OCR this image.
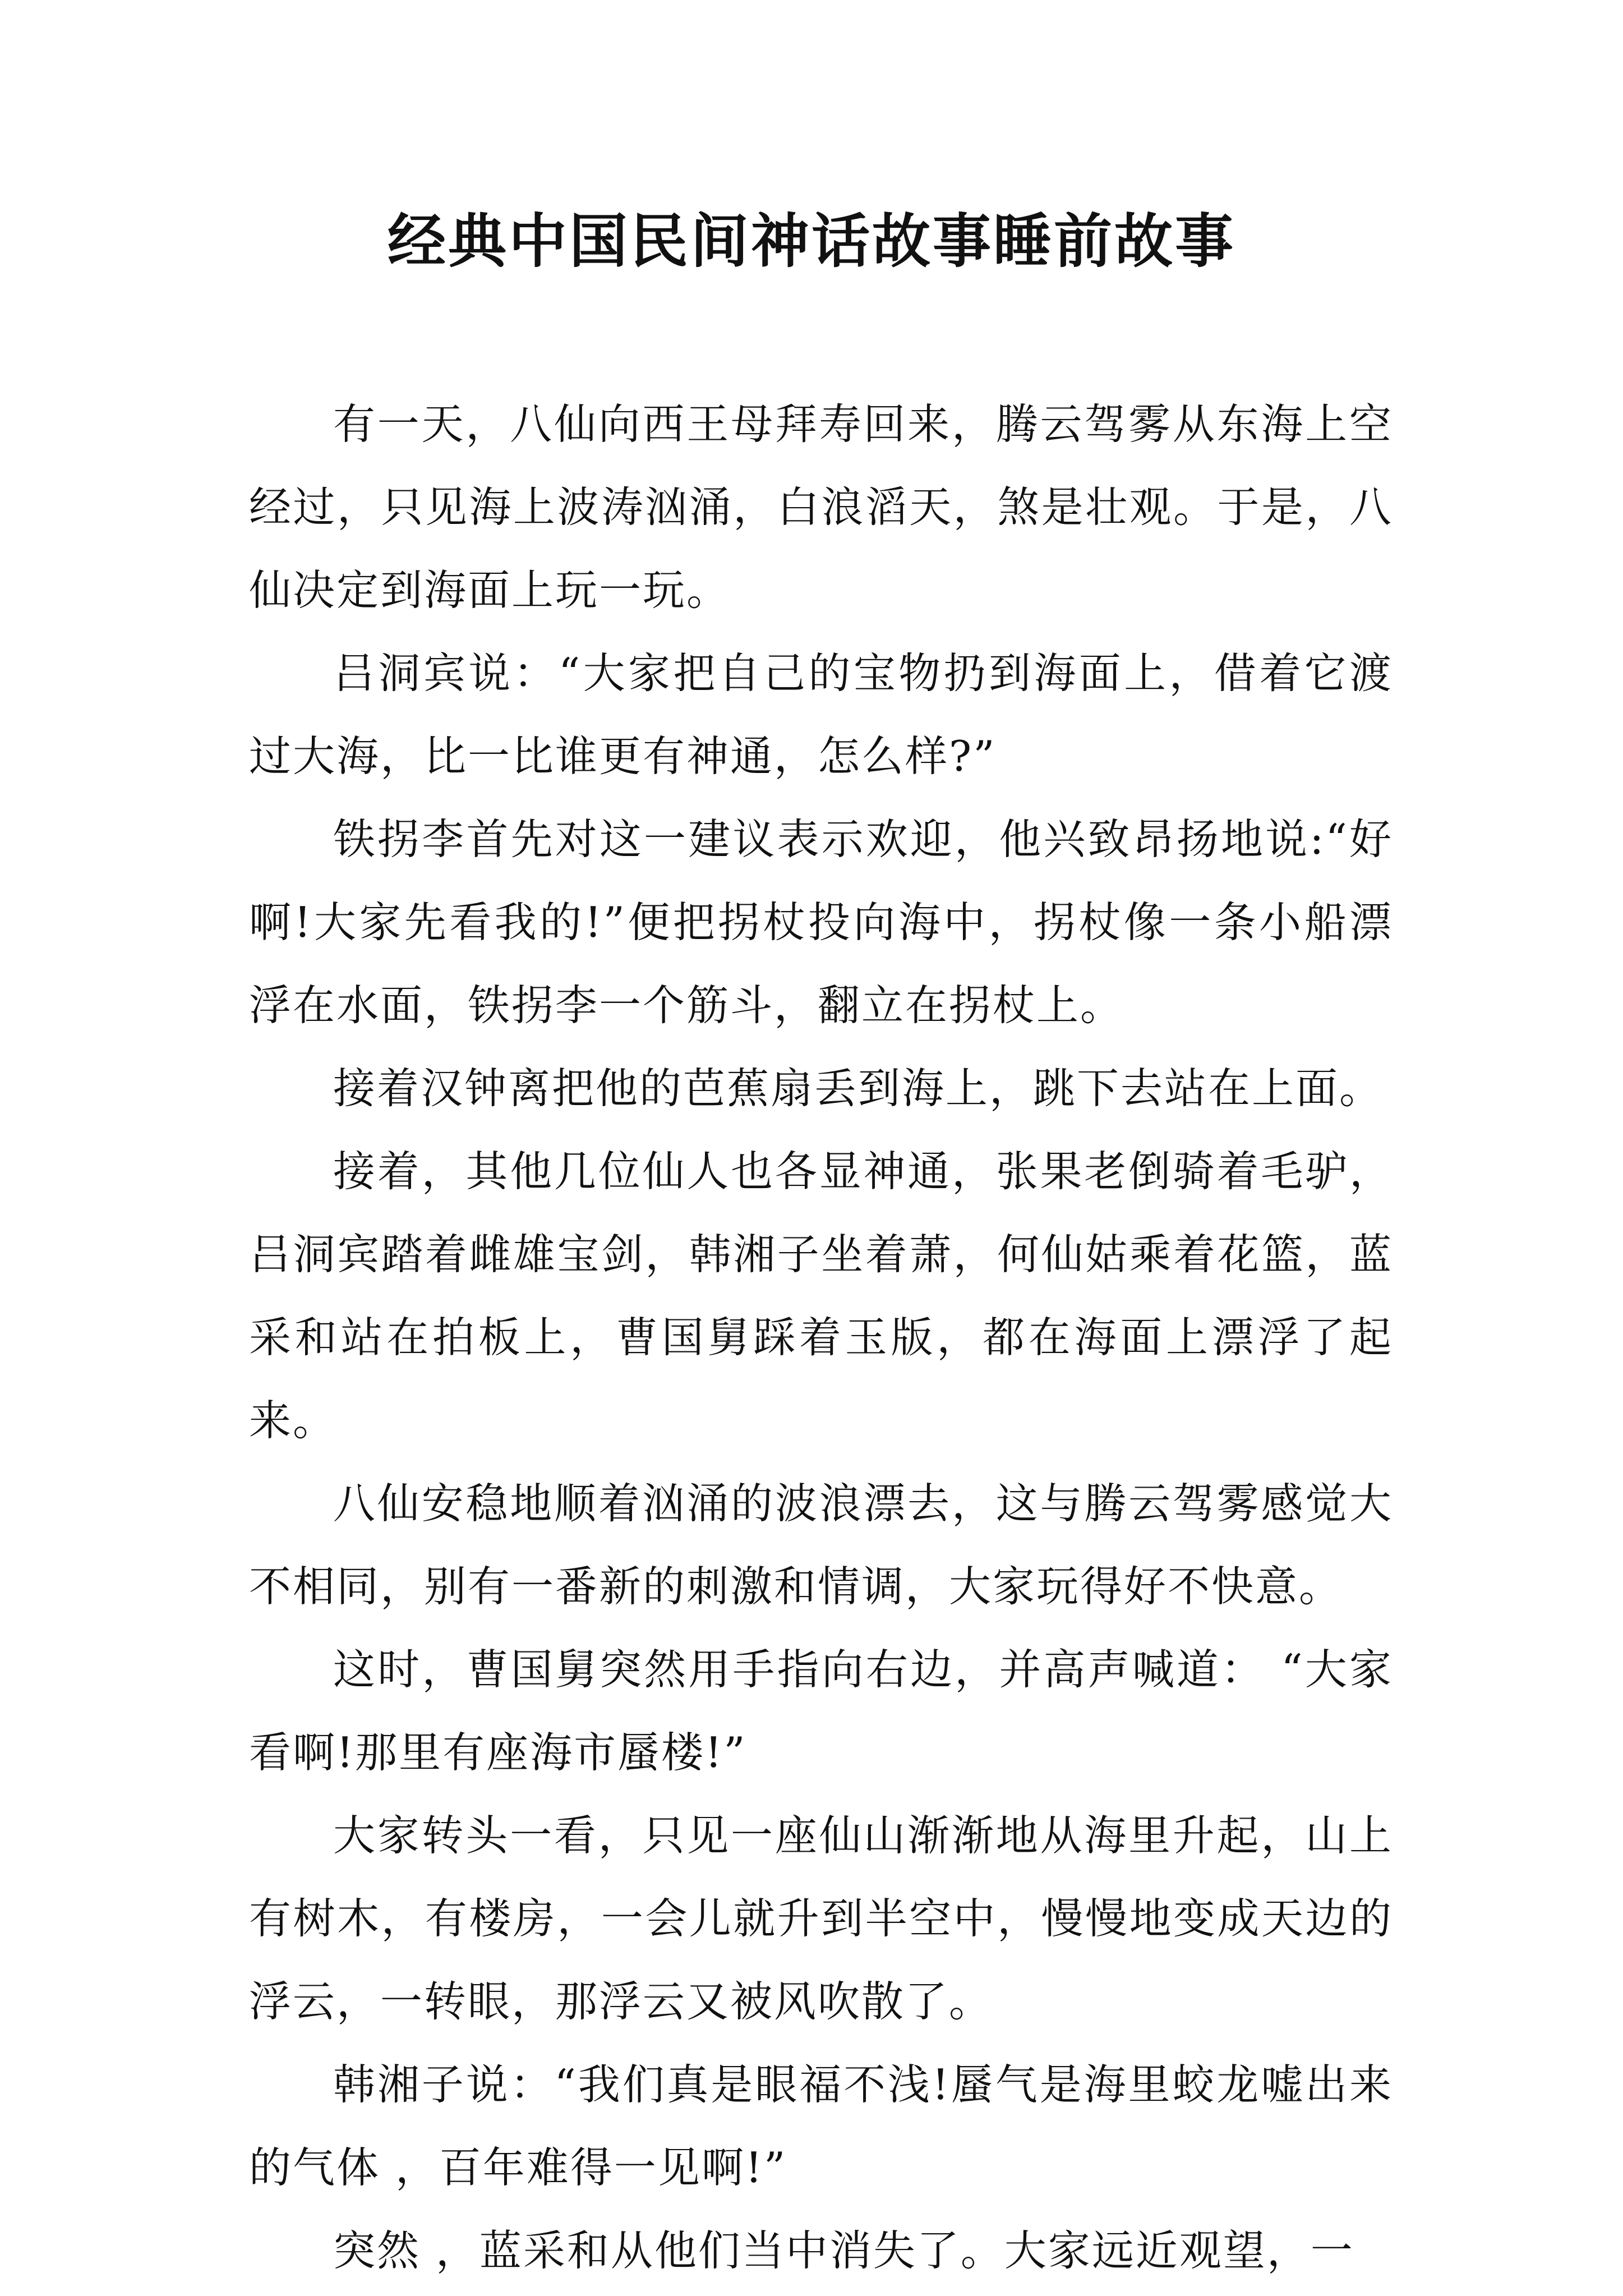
经典中国民间神话故事睡前故事

有一天，八仙向西王母拜寿回来，腾云驾雾从东海上空经过，只见海上波涛汹涌，白浪滔天，煞是壮观。于是，八仙决定到海面上玩一玩。

吕洞宾说：“大家把自己的宝物扔到海面上，借着它渡过大海，比一比谁更有神通，怎么样?”

铁拐李首先对这一建议表示欢迎，他兴致昂扬地说:“好啊!大家先看我的!”便把拐杖投向海中，拐杖像一条小船漂浮在水面，铁拐李一个筋斗，翻立在拐杖上。

接着汉钟离把他的芭蕉扇丢到海上，跳下去站在上面。

接着，其他几位仙人也各显神通，张果老倒骑着毛驴，吕洞宾踏着雌雄宝剑，韩湘子坐着萧，何仙姑乘着花篮，蓝采和站在拍板上，曹国舅踩着玉版，都在海面上漂浮了起来。

八仙安稳地顺着汹涌的波浪漂去，这与腾云驾雾感觉大不相同，别有一番新的刺激和情调，大家玩得好不快意。

这时，曹国舅突然用手指向右边，并高声喊道： “大家看啊!那里有座海市蜃楼!”

大家转头一看，只见一座仙山渐渐地从海里升起，山上有树木，有楼房，一会儿就升到半空中，慢慢地变成天边的浮云，一转眼，那浮云又被风吹散了。

韩湘子说：“我们真是眼福不浅!蜃气是海里蛟龙嘘出来的气体 ，百年难得一见啊!”

突然 ，蓝采和从他们当中消失了。大家远近观望，一
